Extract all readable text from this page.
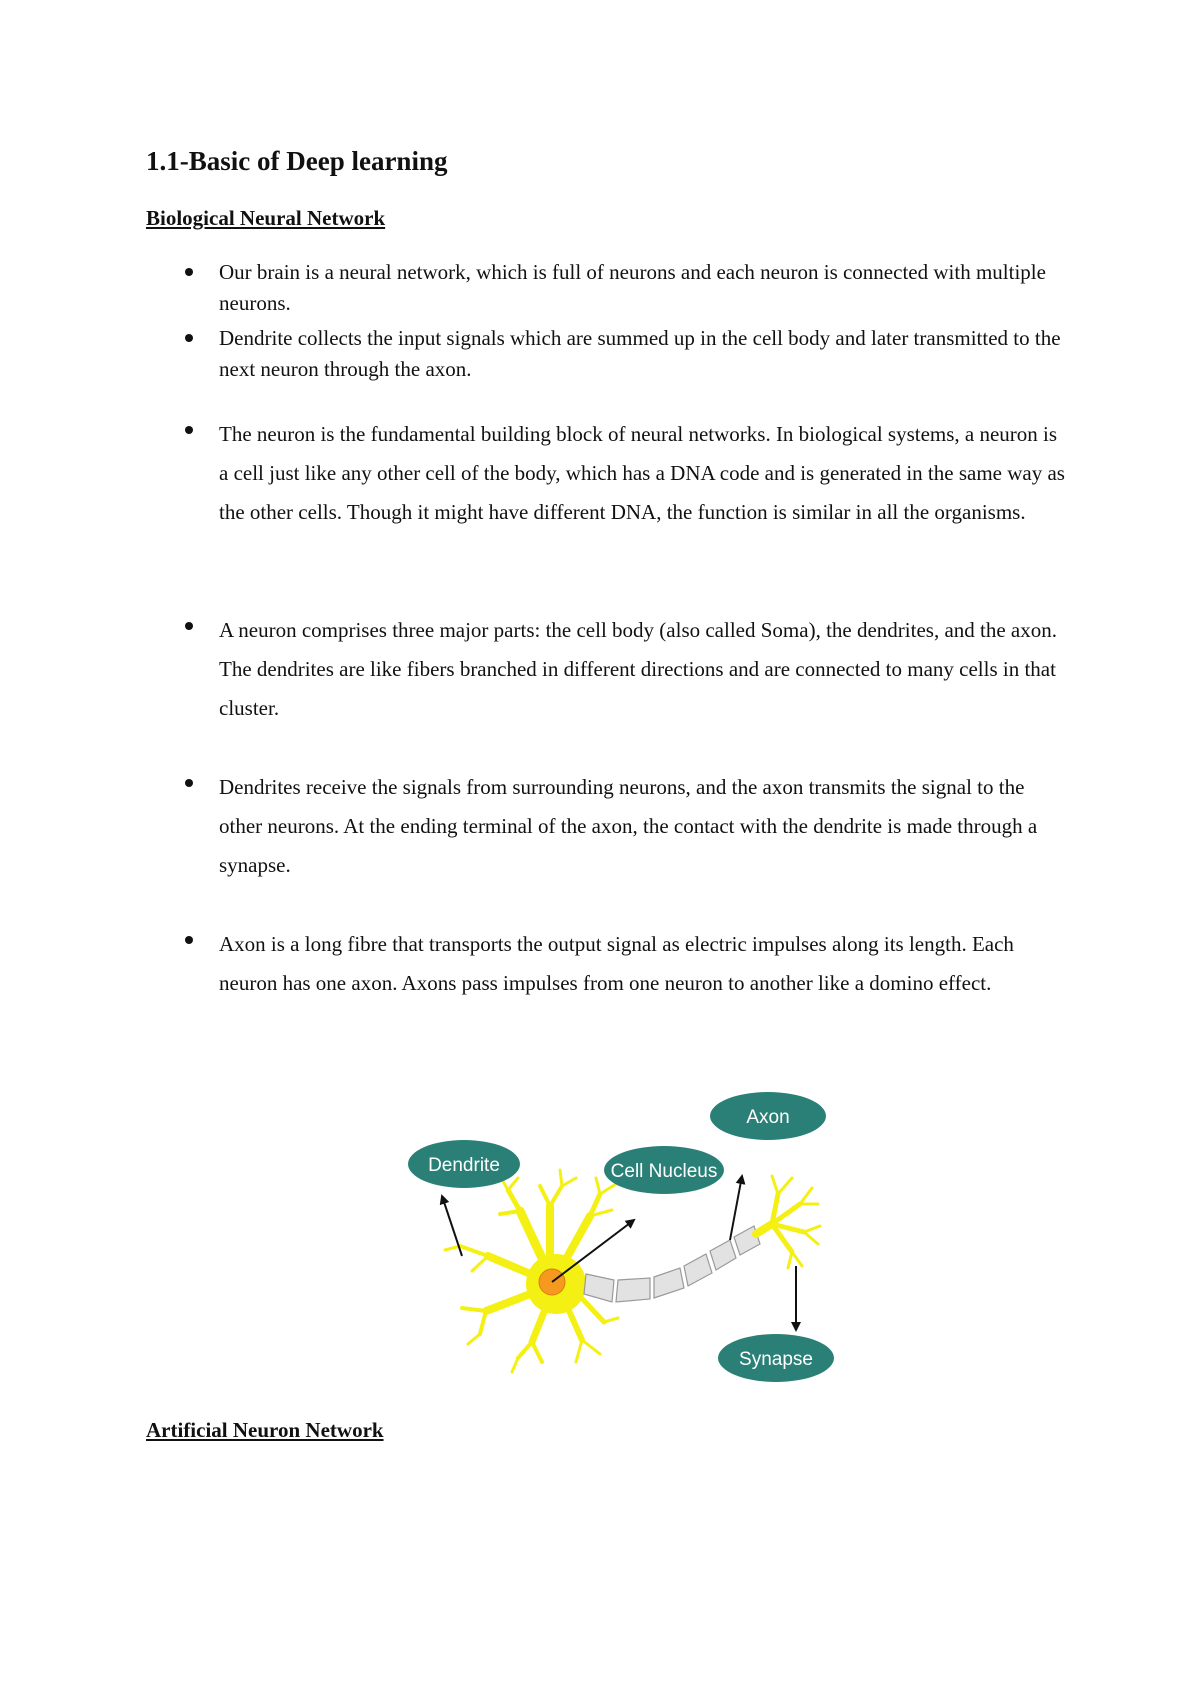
1.1-Basic of Deep learning
Biological Neural Network
Our brain is a neural network, which is full of neurons and each neuron is connected with multiple neurons.
Dendrite collects the input signals which are summed up in the cell body and later transmitted to the next neuron through the axon.
The neuron is the fundamental building block of neural networks. In biological systems, a neuron is a cell just like any other cell of the body, which has a DNA code and is generated in the same way as the other cells. Though it might have different DNA, the function is similar in all the organisms.
A neuron comprises three major parts: the cell body (also called Soma), the dendrites, and the axon. The dendrites are like fibers branched in different directions and are connected to many cells in that cluster.
Dendrites receive the signals from surrounding neurons, and the axon transmits the signal to the other neurons. At the ending terminal of the axon, the contact with the dendrite is made through a synapse.
Axon is a long fibre that transports the output signal as electric impulses along its length. Each neuron has one axon. Axons pass impulses from one neuron to another like a domino effect.
Dendrite	Cell Nucleus
Axon
Synapse
Artificial Neuron Network
